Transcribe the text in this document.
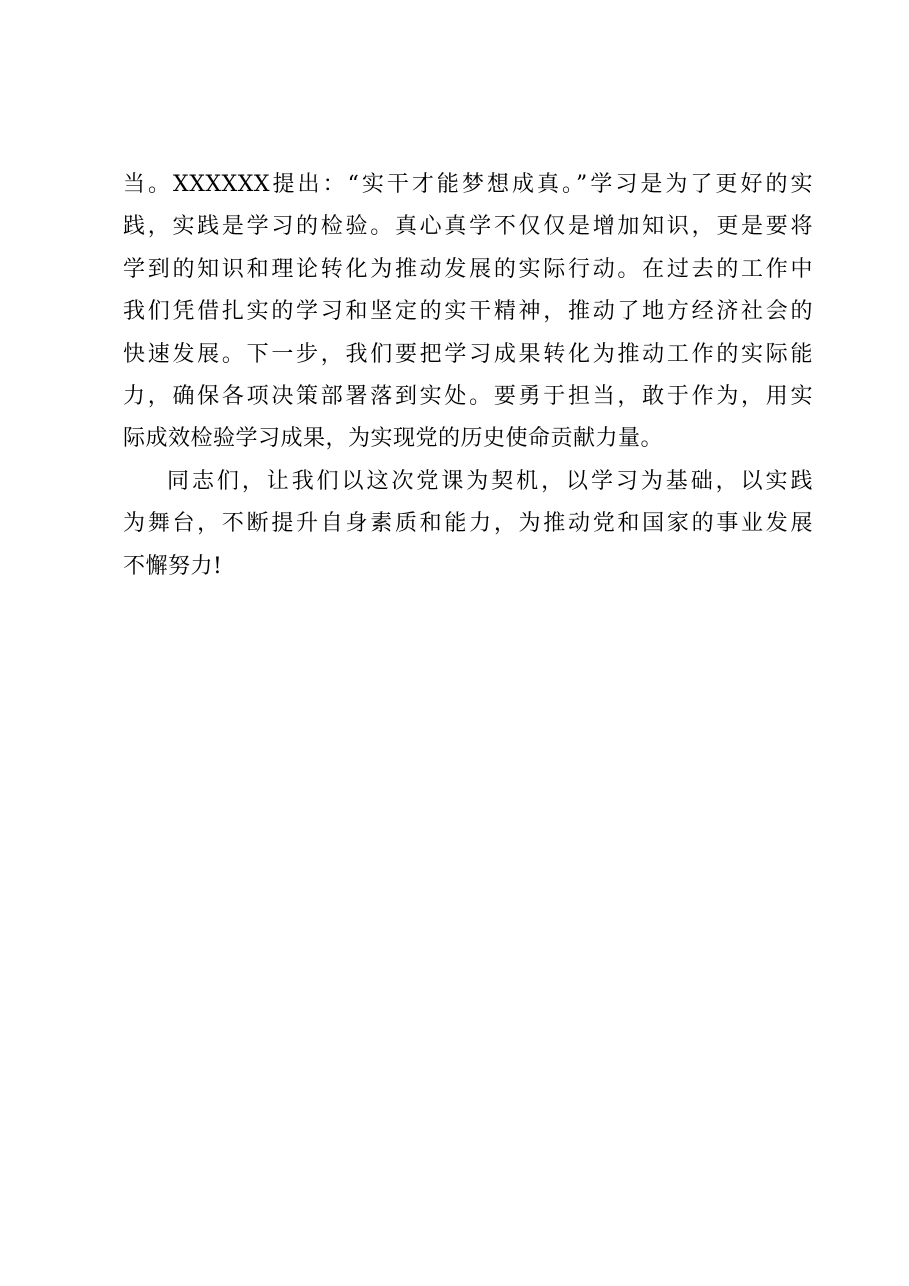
当。XXXXXX提出：“实干才能梦想成真。”学习是为了更好的实
践，实践是学习的检验。真心真学不仅仅是增加知识，更是要将
学到的知识和理论转化为推动发展的实际行动。在过去的工作中
我们凭借扎实的学习和坚定的实干精神，推动了地方经济社会的
快速发展。下一步，我们要把学习成果转化为推动工作的实际能
力，确保各项决策部署落到实处。要勇于担当，敢于作为，用实
际成效检验学习成果，为实现党的历史使命贡献力量。
同志们，让我们以这次党课为契机，以学习为基础，以实践
为舞台，不断提升自身素质和能力，为推动党和国家的事业发展
不懈努力!
